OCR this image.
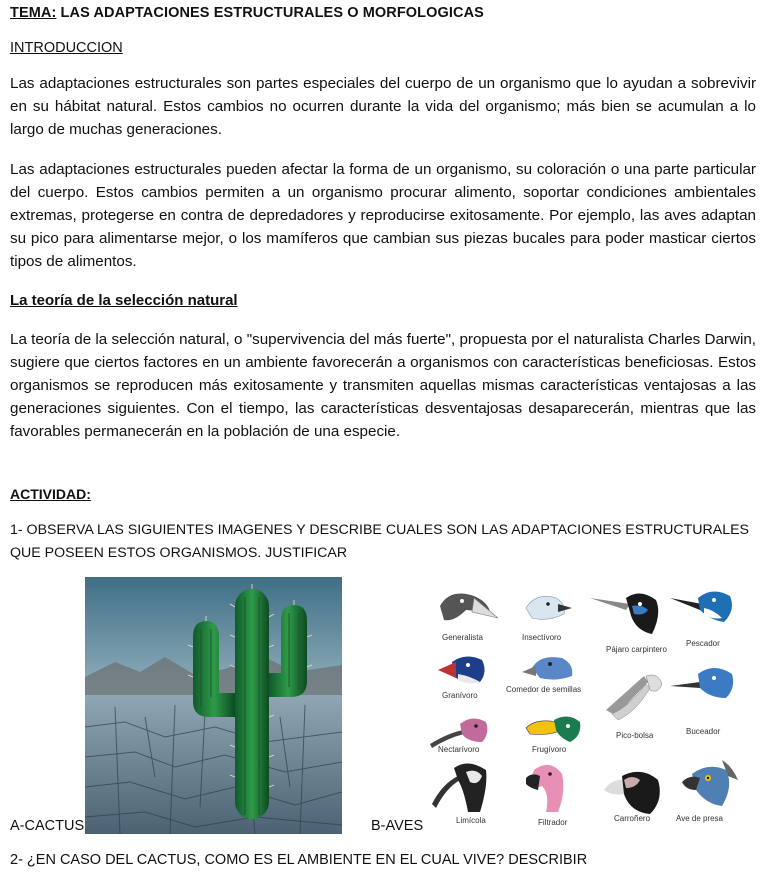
TEMA: LAS ADAPTACIONES ESTRUCTURALES O MORFOLOGICAS
INTRODUCCION
Las adaptaciones estructurales son partes especiales del cuerpo de un organismo que lo ayudan a sobrevivir en su hábitat natural. Estos cambios no ocurren durante la vida del organismo; más bien se acumulan a lo largo de muchas generaciones.
Las adaptaciones estructurales pueden afectar la forma de un organismo, su coloración o una parte particular del cuerpo. Estos cambios permiten a un organismo procurar alimento, soportar condiciones ambientales extremas, protegerse en contra de depredadores y reproducirse exitosamente. Por ejemplo, las aves adaptan su pico para alimentarse mejor, o los mamíferos que cambian sus piezas bucales para poder masticar ciertos tipos de alimentos.
La teoría de la selección natural
La teoría de la selección natural, o "supervivencia del más fuerte", propuesta por el naturalista Charles Darwin, sugiere que ciertos factores en un ambiente favorecerán a organismos con características beneficiosas. Estos organismos se reproducen más exitosamente y transmiten aquellas mismas características ventajosas a las generaciones siguientes. Con el tiempo, las características desventajosas desaparecerán, mientras que las favorables permanecerán en la población de una especie.
ACTIVIDAD:
1- OBSERVA LAS SIGUIENTES IMAGENES Y DESCRIBE CUALES SON LAS ADAPTACIONES ESTRUCTURALES QUE POSEEN ESTOS ORGANISMOS. JUSTIFICAR
Generalista	Insectívoro
Pájaro carpintero
Pescador
Granívoro
Comedor de semillas
Pico-bolsa	Buceador
Nectarívoro	Frugívoro
Limícola	Filtrador	Carroñero	Ave de presa
A-CACTUS	B-AVES
2- ¿EN CASO DEL CACTUS, COMO ES EL AMBIENTE EN EL CUAL VIVE? DESCRIBIR
